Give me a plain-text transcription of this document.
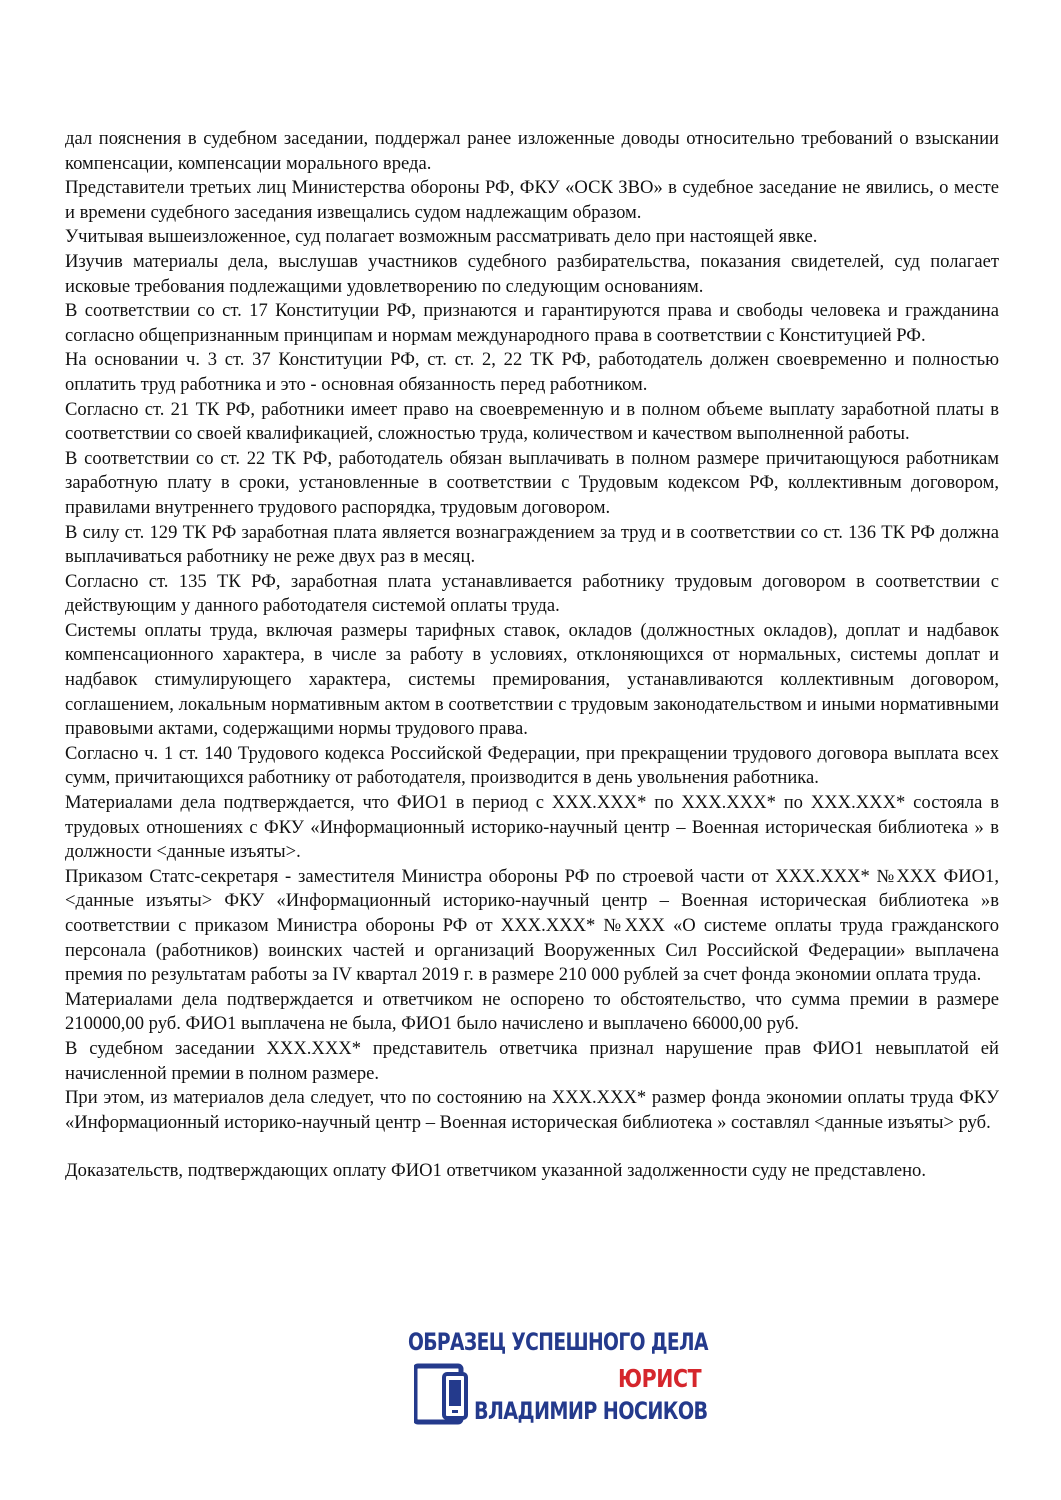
дал пояснения в судебном заседании, поддержал ранее изложенные доводы относительно требований о взыскании компенсации, компенсации морального вреда.

Представители третьих лиц Министерства обороны РФ, ФКУ «ОСК ЗВО» в судебное заседание не явились, о месте и времени судебного заседания извещались судом надлежащим образом.

Учитывая вышеизложенное, суд полагает возможным рассматривать дело при настоящей явке.

Изучив материалы дела, выслушав участников судебного разбирательства, показания свидетелей, суд полагает исковые требования подлежащими удовлетворению по следующим основаниям.

В соответствии со ст. 17 Конституции РФ, признаются и гарантируются права и свободы человека и гражданина согласно общепризнанным принципам и нормам международного права в соответствии с Конституцией РФ.

На основании ч. 3 ст. 37 Конституции РФ, ст. ст. 2, 22 ТК РФ, работодатель должен своевременно и полностью оплатить труд работника и это - основная обязанность перед работником.

Согласно ст. 21 ТК РФ, работники имеет право на своевременную и в полном объеме выплату заработной платы в соответствии со своей квалификацией, сложностью труда, количеством и качеством выполненной работы.

В соответствии со ст. 22 ТК РФ, работодатель обязан выплачивать в полном размере причитающуюся работникам заработную плату в сроки, установленные в соответствии с Трудовым кодексом РФ, коллективным договором, правилами внутреннего трудового распорядка, трудовым договором.

В силу ст. 129 ТК РФ заработная плата является вознаграждением за труд и в соответствии со ст. 136 ТК РФ должна выплачиваться работнику не реже двух раз в месяц.

Согласно ст. 135 ТК РФ, заработная плата устанавливается работнику трудовым договором в соответствии с действующим у данного работодателя системой оплаты труда.

Системы оплаты труда, включая размеры тарифных ставок, окладов (должностных окладов), доплат и надбавок компенсационного характера, в числе за работу в условиях, отклоняющихся от нормальных, системы доплат и надбавок стимулирующего характера, системы премирования, устанавливаются коллективным договором, соглашением, локальным нормативным актом в соответствии с трудовым законодательством и иными нормативными правовыми актами, содержащими нормы трудового права.

Согласно ч. 1 ст. 140 Трудового кодекса Российской Федерации, при прекращении трудового договора выплата всех сумм, причитающихся работнику от работодателя, производится в день увольнения работника.

Материалами дела подтверждается, что ФИО1 в период с XXX.XXX* по XXX.XXX* по XXX.XXX* состояла в трудовых отношениях с ФКУ «Информационный историко-научный центр – Военная историческая библиотека » в должности <данные изъяты>.

Приказом Статс-секретаря - заместителя Министра обороны РФ по строевой части от XXX.XXX* №XXX ФИО1, <данные изъяты> ФКУ «Информационный историко-научный центр – Военная историческая библиотека »в соответствии с приказом Министра обороны РФ от XXX.XXX* №XXX «О системе оплаты труда гражданского персонала (работников) воинских частей и организаций Вооруженных Сил Российской Федерации» выплачена премия по результатам работы за IV квартал 2019 г. в размере 210 000 рублей за счет фонда экономии оплата труда.

Материалами дела подтверждается и ответчиком не оспорено то обстоятельство, что сумма премии в размере 210000,00 руб. ФИО1 выплачена не была, ФИО1 было начислено и выплачено 66000,00 руб.

В судебном заседании XXX.XXX* представитель ответчика признал нарушение прав ФИО1 невыплатой ей начисленной премии в полном размере.

При этом, из материалов дела следует, что по состоянию на XXX.XXX* размер фонда экономии оплаты труда ФКУ «Информационный историко-научный центр – Военная историческая библиотека » составлял <данные изъяты> руб.

Доказательств, подтверждающих оплату ФИО1 ответчиком указанной задолженности суду не представлено.

ОБРАЗЕЦ УСПЕШНОГО ДЕЛА
ЮРИСТ
ВЛАДИМИР НОСИКОВ
